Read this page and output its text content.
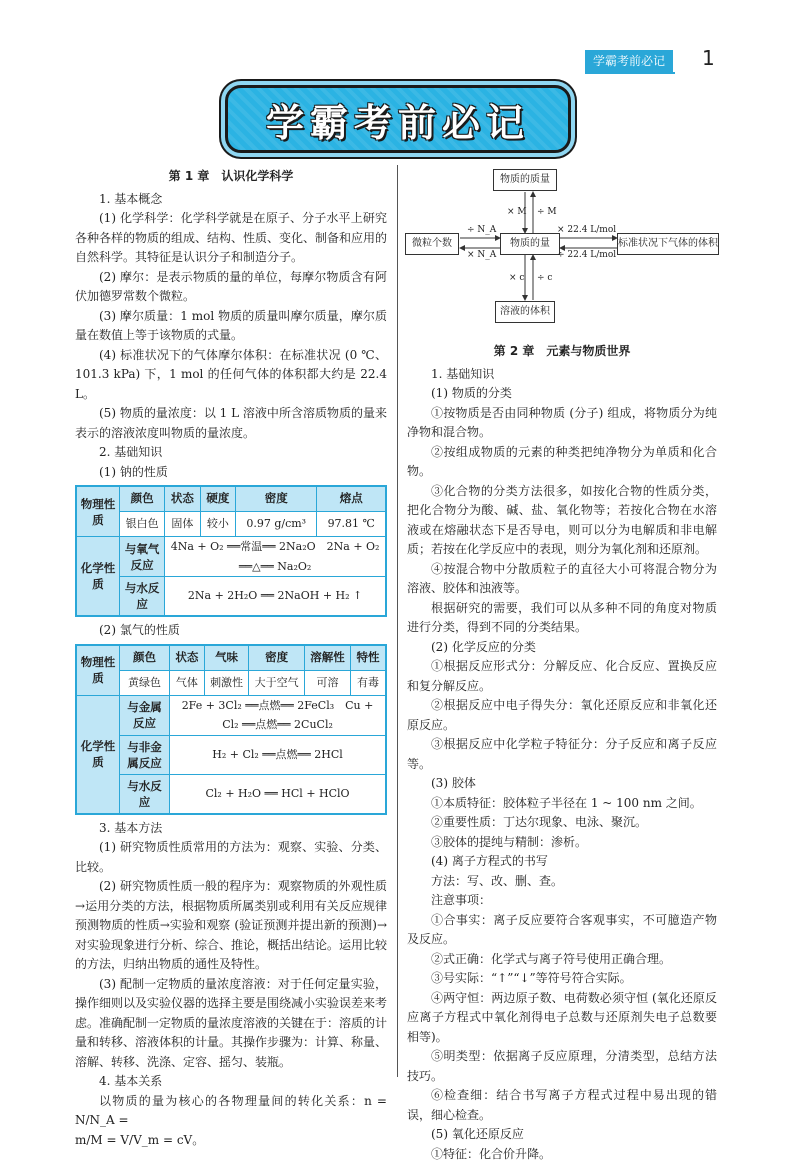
学霸考前必记	1
学霸考前必记
第 1 章　认识化学科学

1. 基本概念

(1) 化学科学：化学科学就是在原子、分子水平上研究各种各样的物质的组成、结构、性质、变化、制备和应用的自然科学。其特征是认识分子和制造分子。

(2) 摩尔：是表示物质的量的单位，每摩尔物质含有阿伏加德罗常数个微粒。

(3) 摩尔质量：1 mol 物质的质量叫摩尔质量，摩尔质量在数值上等于该物质的式量。

(4) 标准状况下的气体摩尔体积：在标准状况 (0 ℃、101.3 kPa) 下，1 mol 的任何气体的体积都大约是 22.4 L。

(5) 物质的量浓度：以 1 L 溶液中所含溶质物质的量来表示的溶液浓度叫物质的量浓度。

2. 基础知识

(1) 钠的性质

物理性质	颜色	状态	硬度	密度	熔点
	银白色	固体	较小	0.97 g/cm³	97.81 ℃
化学性质	与氧气反应	4Na + O₂ ══常温══ 2Na₂O　2Na + O₂ ══△══ Na₂O₂			
	与水反应	2Na + 2H₂O ══ 2NaOH + H₂ ↑			

(2) 氯气的性质

物理性质	颜色	状态	气味	密度	溶解性	特性
	黄绿色	气体	刺激性	大于空气	可溶	有毒
化学性质	与金属反应	2Fe + 3Cl₂ ══点燃══ 2FeCl₃　Cu + Cl₂ ══点燃══ 2CuCl₂				
	与非金属反应	H₂ + Cl₂ ══点燃══ 2HCl				
	与水反应	Cl₂ + H₂O ══ HCl + HClO				

3. 基本方法

(1) 研究物质性质常用的方法为：观察、实验、分类、比较。

(2) 研究物质性质一般的程序为：观察物质的外观性质→运用分类的方法，根据物质所属类别或利用有关反应规律预测物质的性质→实验和观察 (验证预测并提出新的预测)→对实验现象进行分析、综合、推论，概括出结论。运用比较的方法，归纳出物质的通性及特性。

(3) 配制一定物质的量浓度溶液：对于任何定量实验，操作细则以及实验仪器的选择主要是围绕减小实验误差来考虑。准确配制一定物质的量浓度溶液的关键在于：溶质的计量和转移、溶液体积的计量。其操作步骤为：计算、称量、溶解、转移、洗涤、定容、摇匀、装瓶。

4. 基本关系

以物质的量为核心的各物理量间的转化关系：n = N/N_A =

m/M = V/V_m = cV。

物质的质量
微粒个数	物质的量	标准状况下气体的体积
溶液的体积
× M ÷ M
÷ N_A
× N_A
× 22.4 L/mol
÷ 22.4 L/mol
× c ÷ c
第 2 章　元素与物质世界

1. 基础知识

(1) 物质的分类

①按物质是否由同种物质 (分子) 组成，将物质分为纯净物和混合物。

②按组成物质的元素的种类把纯净物分为单质和化合物。

③化合物的分类方法很多，如按化合物的性质分类，把化合物分为酸、碱、盐、氧化物等；若按化合物在水溶液或在熔融状态下是否导电，则可以分为电解质和非电解质；若按在化学反应中的表现，则分为氧化剂和还原剂。

④按混合物中分散质粒子的直径大小可将混合物分为溶液、胶体和浊液等。

根据研究的需要，我们可以从多种不同的角度对物质进行分类，得到不同的分类结果。

(2) 化学反应的分类

①根据反应形式分：分解反应、化合反应、置换反应和复分解反应。

②根据反应中电子得失分：氧化还原反应和非氧化还原反应。

③根据反应中化学粒子特征分：分子反应和离子反应等。

(3) 胶体

①本质特征：胶体粒子半径在 1 ~ 100 nm 之间。

②重要性质：丁达尔现象、电泳、聚沉。

③胶体的提纯与精制：渗析。

(4) 离子方程式的书写

方法：写、改、删、查。

注意事项：

①合事实：离子反应要符合客观事实，不可臆造产物及反应。

②式正确：化学式与离子符号使用正确合理。

③号实际：“↑”“↓”等符号符合实际。

④两守恒：两边原子数、电荷数必须守恒 (氧化还原反应离子方程式中氧化剂得电子总数与还原剂失电子总数要相等)。

⑤明类型：依据离子反应原理，分清类型，总结方法技巧。

⑥检查细：结合书写离子方程式过程中易出现的错误，细心检查。

(5) 氧化还原反应

①特征：化合价升降。
